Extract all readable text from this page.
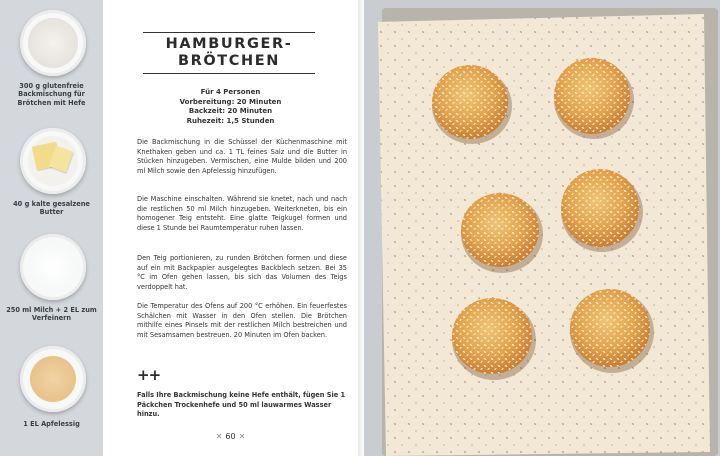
300 g glutenfreie Backmischung für Brötchen mit Hefe
40 g kalte gesalzene Butter
250 ml Milch + 2 EL zum Verfeinern
1 EL Apfelessig
HAMBURGER-BRÖTCHEN
Für 4 Personen
Vorbereitung: 20 Minuten
Backzeit: 20 Minuten
Ruhezeit: 1,5 Stunden
Die Backmischung in die Schüssel der Küchenmaschine mit Knethaken geben und ca. 1 TL feines Salz und die Butter in Stücken hinzugeben. Vermischen, eine Mulde bilden und 200 ml Milch sowie den Apfelessig hinzufügen.
Die Maschine einschalten. Während sie knetet, nach und nach die restlichen 50 ml Milch hinzugeben. Weiterkneten, bis ein homogener Teig entsteht. Eine glatte Teigkugel formen und diese 1 Stunde bei Raumtemperatur ruhen lassen.
Den Teig portionieren, zu runden Brötchen formen und diese auf ein mit Backpapier ausgelegtes Backblech setzen. Bei 35 °C im Ofen gehen lassen, bis sich das Volumen des Teigs verdoppelt hat.
Die Temperatur des Ofens auf 200 °C erhöhen. Ein feuerfestes Schälchen mit Wasser in den Ofen stellen. Die Brötchen mithilfe eines Pinsels mit der restlichen Milch bestreichen und mit Sesamsamen bestreuen. 20 Minuten im Ofen backen.
++
Falls Ihre Backmischung keine Hefe enthält, fügen Sie 1 Päckchen Trockenhefe und 50 ml lauwarmes Wasser hinzu.
✕ 60 ✕
